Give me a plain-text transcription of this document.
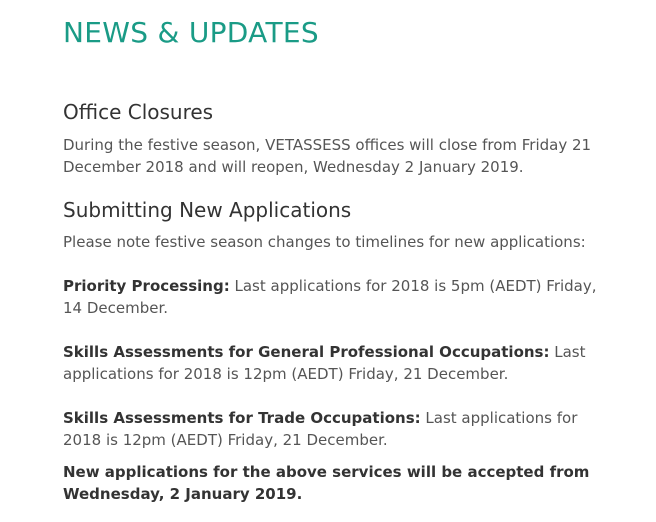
NEWS & UPDATES
Office Closures

During the festive season, VETASSESS offices will close from Friday 21 December 2018 and will reopen, Wednesday 2 January 2019.

Submitting New Applications

Please note festive season changes to timelines for new applications:

Priority Processing: Last applications for 2018 is 5pm (AEDT) Friday, 14 December.

Skills Assessments for General Professional Occupations: Last applications for 2018 is 12pm (AEDT) Friday, 21 December.

Skills Assessments for Trade Occupations: Last applications for 2018 is 12pm (AEDT) Friday, 21 December.

New applications for the above services will be accepted from Wednesday, 2 January 2019.
